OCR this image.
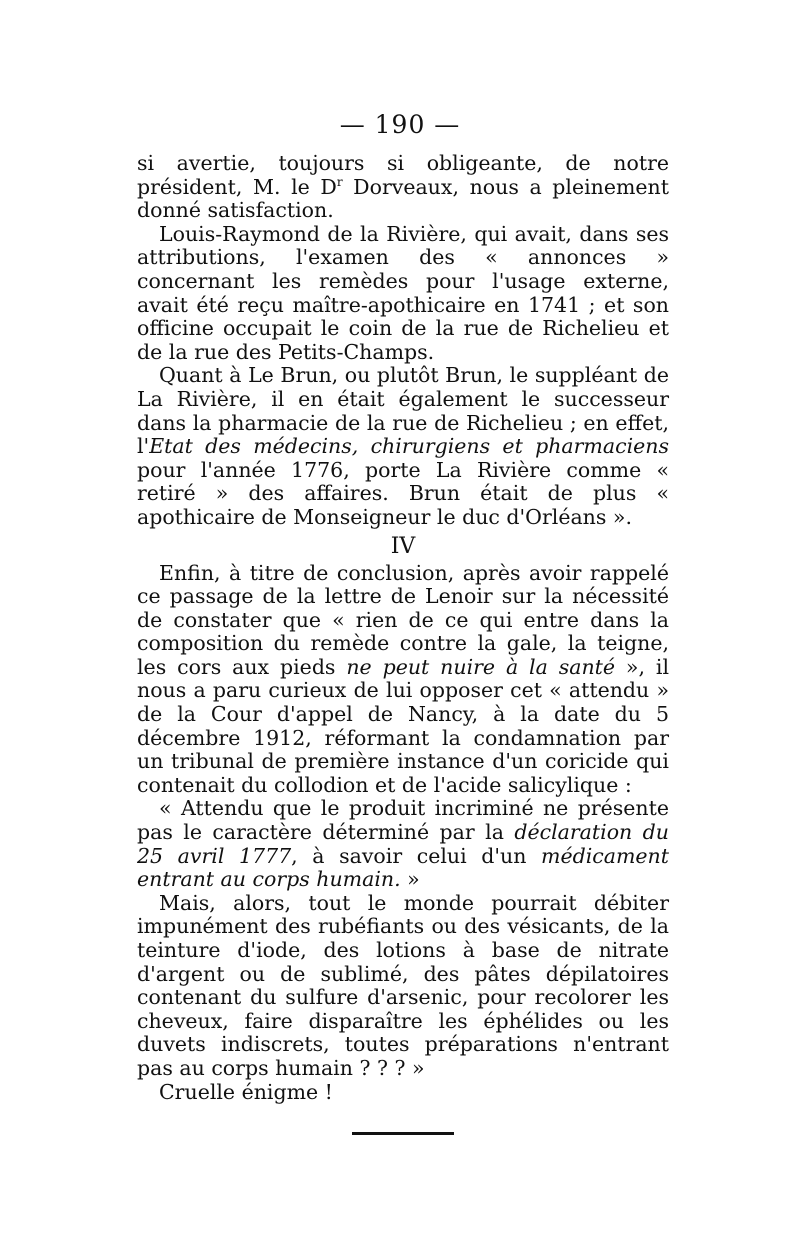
— 190 —

si avertie, toujours si obligeante, de notre président, M. le $D^r$ Dorveaux, nous a pleinement donné satisfaction.

Louis-Raymond de la Rivière, qui avait, dans ses attributions, l'examen des « annonces » concernant les remèdes pour l'usage externe, avait été reçu maître-apothicaire en 1741 ; et son officine occupait le coin de la rue de Richelieu et de la rue des Petits-Champs.

Quant à Le Brun, ou plutôt Brun, le suppléant de La Rivière, il en était également le successeur dans la pharmacie de la rue de Richelieu ; en effet, l'Etat des médecins, chirurgiens et pharmaciens pour l'année 1776, porte La Rivière comme « retiré » des affaires. Brun était de plus « apothicaire de Monseigneur le duc d'Orléans ».

IV

Enfin, à titre de conclusion, après avoir rappelé ce passage de la lettre de Lenoir sur la nécessité de constater que « rien de ce qui entre dans la composition du remède contre la gale, la teigne, les cors aux pieds ne peut nuire à la santé », il nous a paru curieux de lui opposer cet « attendu » de la Cour d'appel de Nancy, à la date du 5 décembre 1912, réformant la condamnation par un tribunal de première instance d'un coricide qui contenait du collodion et de l'acide salicylique :

« Attendu que le produit incriminé ne présente pas le caractère déterminé par la déclaration du 25 avril 1777, à savoir celui d'un médicament entrant au corps humain. »

Mais, alors, tout le monde pourrait débiter impunément des rubéfiants ou des vésicants, de la teinture d'iode, des lotions à base de nitrate d'argent ou de sublimé, des pâtes dépilatoires contenant du sulfure d'arsenic, pour recolorer les cheveux, faire disparaître les éphélides ou les duvets indiscrets, toutes préparations n'entrant pas au corps humain ? ? ? »

Cruelle énigme !
